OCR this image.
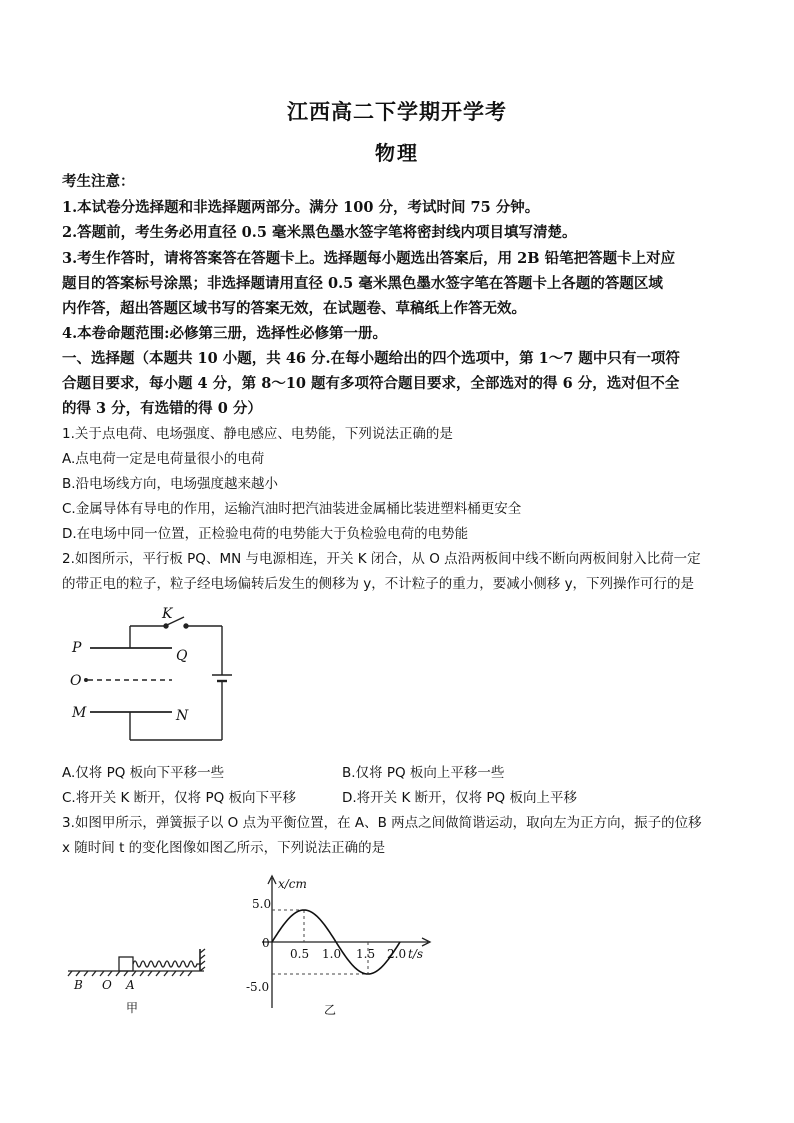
江西高二下学期开学考
物理
考生注意：
1.本试卷分选择题和非选择题两部分。满分 100 分，考试时间 75 分钟。
2.答题前，考生务必用直径 0.5 毫米黑色墨水签字笔将密封线内项目填写清楚。
3.考生作答时，请将答案答在答题卡上。选择题每小题选出答案后，用 2B 铅笔把答题卡上对应
题目的答案标号涂黑；非选择题请用直径 0.5 毫米黑色墨水签字笔在答题卡上各题的答题区域
内作答，超出答题区域书写的答案无效，在试题卷、草稿纸上作答无效。
4.本卷命题范围:必修第三册，选择性必修第一册。
一、选择题（本题共 10 小题，共 46 分.在每小题给出的四个选项中，第 1～7 题中只有一项符
合题目要求，每小题 4 分，第 8～10 题有多项符合题目要求，全部选对的得 6 分，选对但不全
的得 3 分，有选错的得 0 分）
1.关于点电荷、电场强度、静电感应、电势能，下列说法正确的是
A.点电荷一定是电荷量很小的电荷
B.沿电场线方向，电场强度越来越小
C.金属导体有导电的作用，运输汽油时把汽油装进金属桶比装进塑料桶更安全
D.在电场中同一位置，正检验电荷的电势能大于负检验电荷的电势能
2.如图所示，平行板 PQ、MN 与电源相连，开关 K 闭合，从 O 点沿两板间中线不断向两板间射入比荷一定
的带正电的粒子，粒子经电场偏转后发生的侧移为 y，不计粒子的重力，要减小侧移 y，下列操作可行的是
K
P	Q
O
M	N
A.仅将 PQ 板向下平移一些	B.仅将 PQ 板向上平移一些
C.将开关 K 断开，仅将 PQ 板向下平移	D.将开关 K 断开，仅将 PQ 板向上平移
3.如图甲所示，弹簧振子以 O 点为平衡位置，在 A、B 两点之间做简谐运动，取向左为正方向，振子的位移
x 随时间 t 的变化图像如图乙所示，下列说法正确的是
B O A
甲
x/cm
t/s
0
5.0
-5.0
0.5 1.0 1.5 2.0
乙
